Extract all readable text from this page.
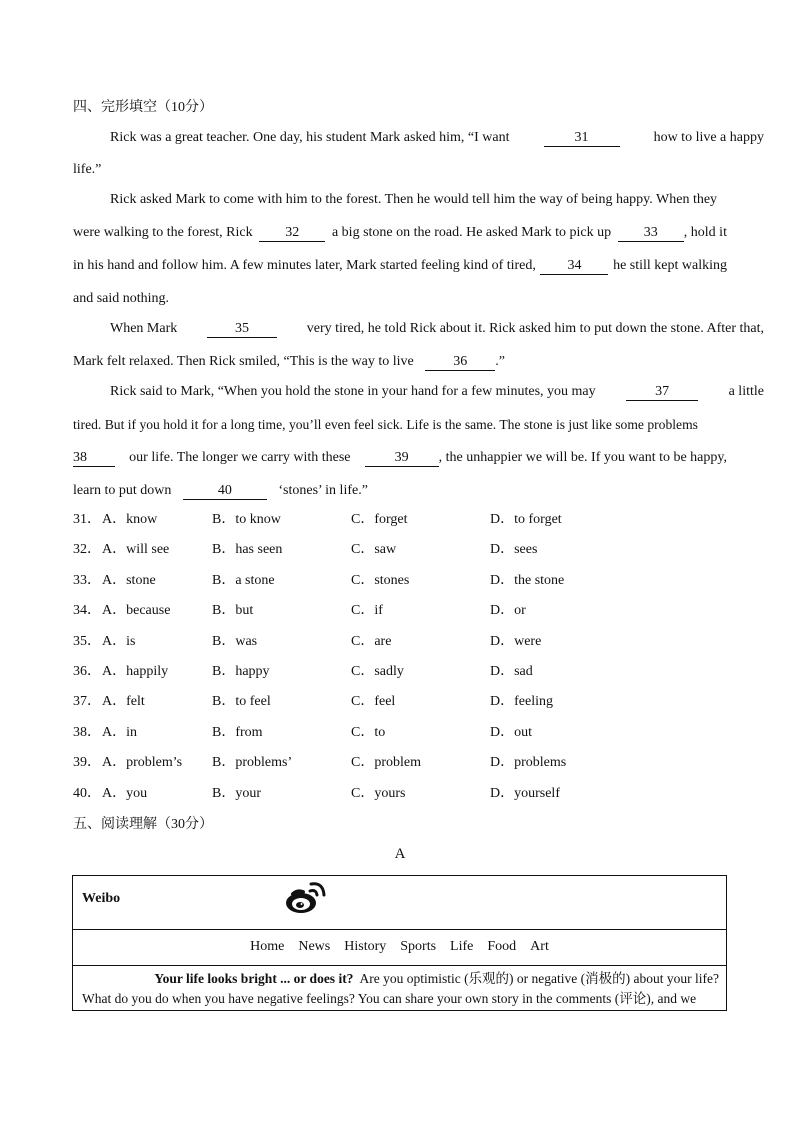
四、完形填空（10分）
Rick was a great teacher. One day, his student Mark asked him, “I want	31	how to live a happy
life.”
Rick asked Mark to come with him to the forest. Then he would tell him the way of being happy. When they
were walking to the forest, Rick	32	a big stone on the road. He asked Mark to pick up	33 , hold it
in his hand and follow him. A few minutes later, Mark started feeling kind of tired,	34	he still kept walking
and said nothing.
When Mark	35	very tired, he told Rick about it. Rick asked him to put down the stone. After that,
Mark felt relaxed. Then Rick smiled, “This is the way to live	36 .”
Rick said to Mark, “When you hold the stone in your hand for a few minutes, you may	37	a little
tired. But if you hold it for a long time, you’ll even feel sick. Life is the same. The stone is just like some problems
38	our life. The longer we carry with these	39 , the unhappier we will be. If you want to be happy,
learn to put down	40	‘stones’ in life.”
31． A．know	B．to know	C．forget	D．to forget
32． A．will see	B．has seen	C．saw	D．sees
33． A．stone	B．a stone	C．stones	D．the stone
34． A．because	B．but	C．if	D．or
35． A．is	B．was	C．are	D．were
36． A．happily	B．happy	C．sadly	D．sad
37． A．felt	B．to feel	C．feel	D．feeling
38． A．in	B．from	C．to	D．out
39． A．problem’s B．problems’	C．problem	D．problems
40． A．you	B．your	C．yours	D．yourself
五、阅读理解（30分）
A
Weibo
Home News History Sports Life Food Art
Your life looks bright ... or does it? Are you optimistic (乐观的) or negative (消极的) about your life?
What do you do when you have negative feelings? You can share your own story in the comments (评论), and we
